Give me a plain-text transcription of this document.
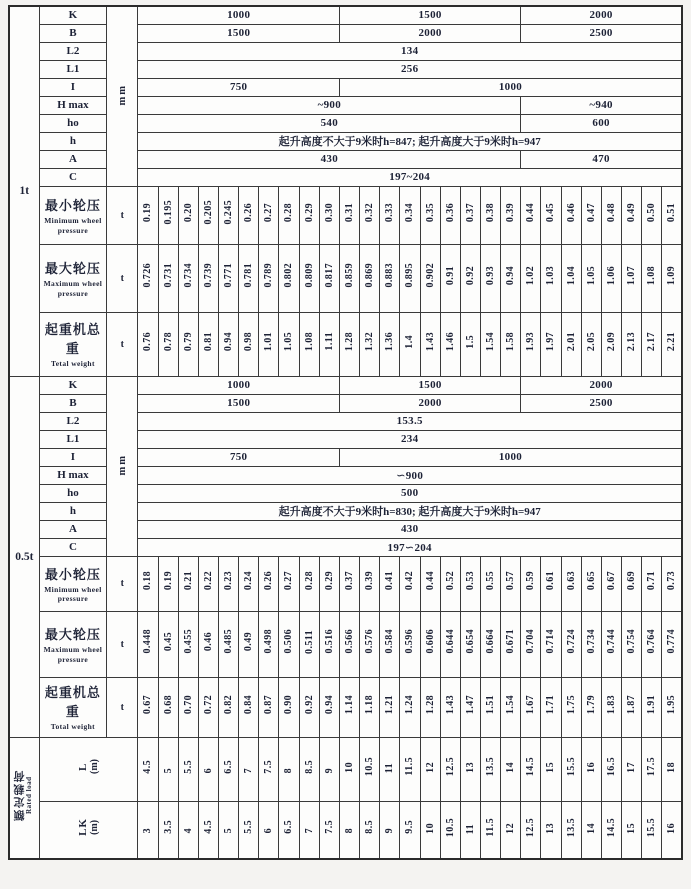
1t	K	mm	1000										1500									2000							
	B		1500										2000									2500							
	L2		134																										
	L1		256																										
	I		750										1000																
	H max		~900																			~940							
	ho		540																			600							
	h		起升高度不大于9米时h=847; 起升高度大于9米时h=947																										
	A		430																			470							
	C		197~204																										

	最小轮压
Minimum wheel pressure	t	0.19	0.195	0.20	0.205	0.245	0.26	0.27	0.28	0.29	0.30	0.31	0.32	0.33	0.34	0.35	0.36	0.37	0.38	0.39	0.44	0.45	0.46	0.47	0.48	0.49	0.50	0.51

	最大轮压
Maximum wheel pressure	t	0.726	0.731	0.734	0.739	0.771	0.781	0.789	0.802	0.809	0.817	0.859	0.869	0.883	0.895	0.902	0.91	0.92	0.93	0.94	1.02	1.03	1.04	1.05	1.06	1.07	1.08	1.09

	起重机总重
Tetal weight	t	0.76	0.78	0.79	0.81	0.94	0.98	1.01	1.05	1.08	1.11	1.28	1.32	1.36	1.4	1.43	1.46	1.5	1.54	1.58	1.93	1.97	2.01	2.05	2.09	2.13	2.17	2.21
0.5t	K	mm	1000										1500									2000							
	B		1500										2000									2500							
	L2		153.5																										
	L1		234																										
	I		750										1000																
	H max		∽900																										
	ho		500																										
	h		起升高度不大于9米时h=830; 起升高度大于9米时h=947																										
	A		430																										
	C		197∽204																										

	最小轮压
Minimum wheel pressure	t	0.18	0.19	0.21	0.22	0.23	0.24	0.26	0.27	0.28	0.29	0.37	0.39	0.41	0.42	0.44	0.52	0.53	0.55	0.57	0.59	0.61	0.63	0.65	0.67	0.69	0.71	0.73

	最大轮压
Maximum wheel pressure	t	0.448	0.45	0.455	0.46	0.485	0.49	0.498	0.506	0.511	0.516	0.566	0.576	0.584	0.596	0.606	0.644	0.654	0.664	0.671	0.704	0.714	0.724	0.734	0.744	0.754	0.764	0.774

	起重机总重
Total weight	t	0.67	0.68	0.70	0.72	0.82	0.84	0.87	0.90	0.92	0.94	1.14	1.18	1.21	1.24	1.28	1.43	1.47	1.51	1.54	1.67	1.71	1.75	1.79	1.83	1.87	1.91	1.95

额定载荷 Rated load

L (m)	4.5	5	5.5	6	6.5	7	7.5	8	8.5	9	10	10.5	11	11.5	12	12.5	13	13.5	14	14.5	15	15.5	16	16.5	17	17.5	18

	LK (m)		3	3.5	4	4.5	5	5.5	6	6.5	7	7.5	8	8.5	9	9.5	10	10.5	11	11.5	12	12.5	13	13.5	14	14.5	15	15.5	16
